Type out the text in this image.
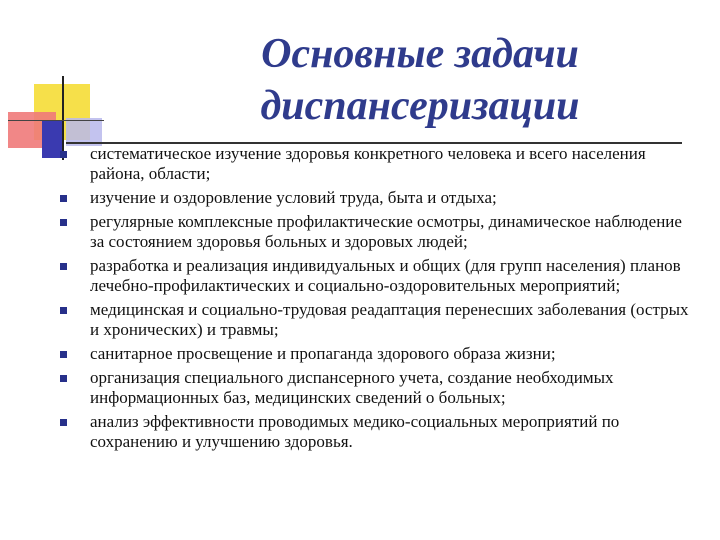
Основные задачи
диспансеризации
систематическое изучение здоровья конкретного человека и всего населения района, области;
изучение и оздоровление условий труда, быта и отдыха;
регулярные комплексные профилактические осмотры, динамическое наблюдение за состоянием здоровья больных и здоровых людей;
разработка и реализация индивидуальных и общих (для групп населения) планов лечебно-профилактических и социально-оздоровительных мероприятий;
медицинская и социально-трудовая реадаптация перенесших заболевания (острых и хронических) и травмы;
санитарное просвещение и пропаганда здорового образа жизни;
организация специального диспансерного учета, создание необходимых информационных баз, медицинских сведений о больных;
анализ эффективности проводимых медико-социальных мероприятий по сохранению и улучшению здоровья.
